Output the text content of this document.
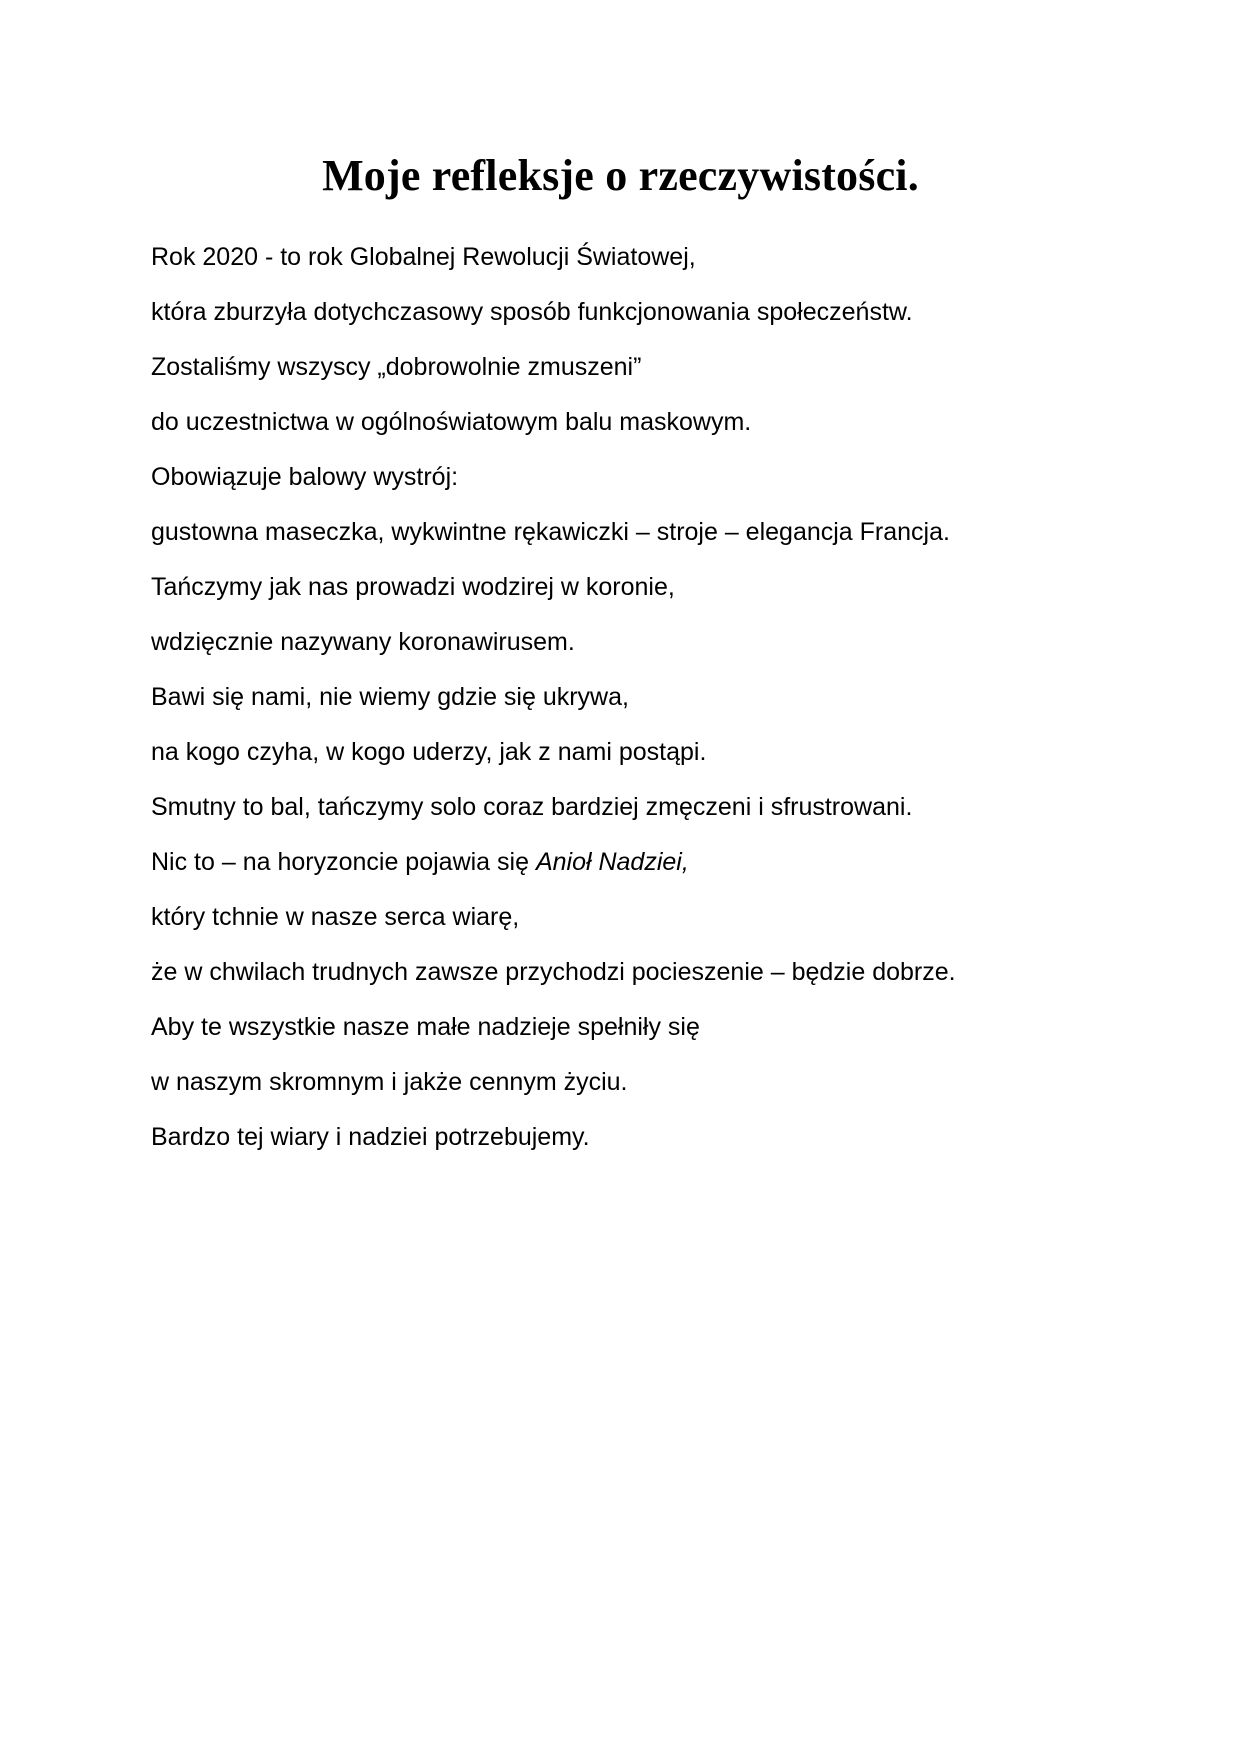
Moje refleksje o rzeczywistości.

Rok 2020 - to rok Globalnej Rewolucji Światowej,

która zburzyła dotychczasowy sposób funkcjonowania społeczeństw.

Zostaliśmy wszyscy „dobrowolnie zmuszeni”

do uczestnictwa w ogólnoświatowym balu maskowym.

Obowiązuje balowy wystrój:

gustowna maseczka, wykwintne rękawiczki – stroje – elegancja Francja.

Tańczymy jak nas prowadzi wodzirej w koronie,

wdzięcznie nazywany koronawirusem.

Bawi się nami, nie wiemy gdzie się ukrywa,

na kogo czyha, w kogo uderzy, jak z nami postąpi.

Smutny to bal, tańczymy solo coraz bardziej zmęczeni i sfrustrowani.

Nic to – na horyzoncie pojawia się Anioł Nadziei,

który tchnie w nasze serca wiarę,

że w chwilach trudnych zawsze przychodzi pocieszenie – będzie dobrze.

Aby te wszystkie nasze małe nadzieje spełniły się

w naszym skromnym i jakże cennym życiu.

Bardzo tej wiary i nadziei potrzebujemy.
